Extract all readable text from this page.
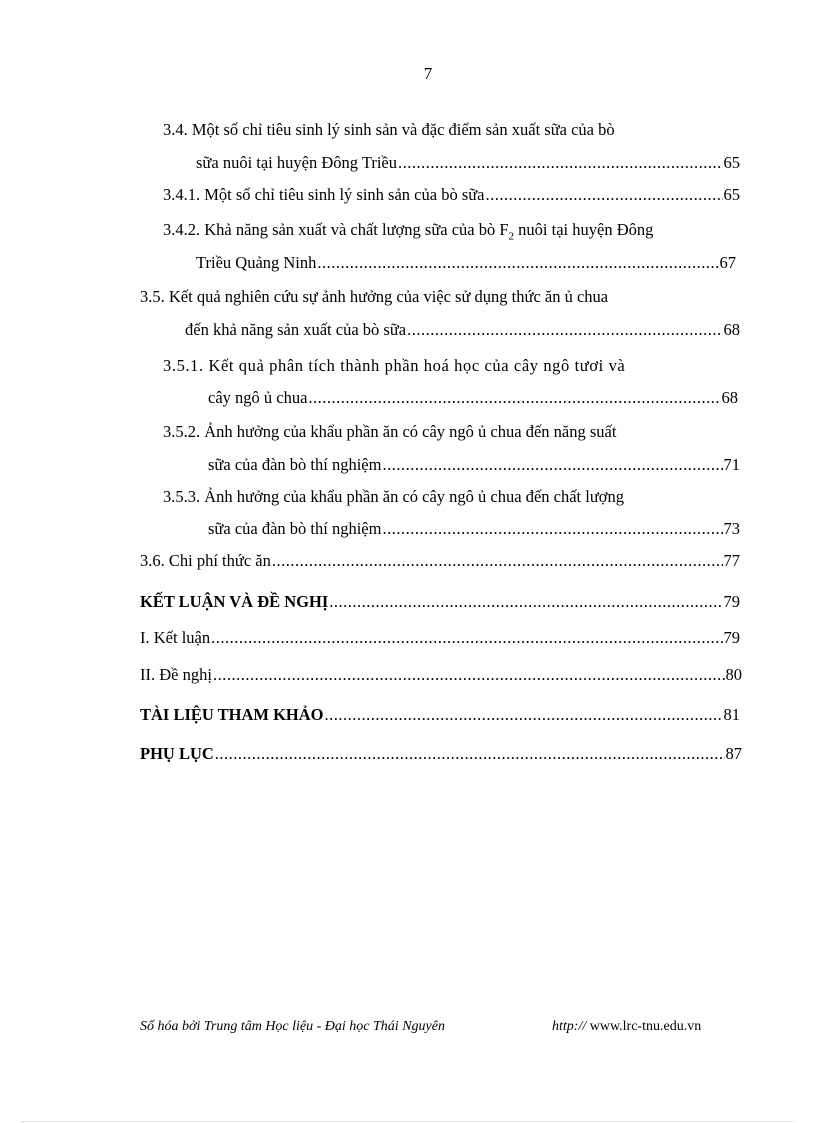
7
3.4. Một số chỉ tiêu sinh lý sinh sản và đặc điểm sản xuất sữa của bò
sữa nuôi tại huyện Đông Triều .....	65
3.4.1. Một số chỉ tiêu sinh lý sinh sản của bò sữa .....	65
3.4.2. Khả năng sản xuất và chất lượng sữa của bò $F_2$ nuôi tại huyện Đông
Triều Quảng Ninh .....	67
3.5. Kết quả nghiên cứu sự ảnh hưởng của việc sử dụng thức ăn ủ chua
đến khả năng sản xuất của bò sữa .....	68
3.5.1. Kết quả phân tích thành phần hoá học của cây ngô tươi và
cây ngô ủ chua .....	68
3.5.2. Ảnh hưởng của khẩu phần ăn có cây ngô ủ chua đến năng suất
sữa của đàn bò thí nghiệm .....	71
3.5.3. Ảnh hưởng của khẩu phần ăn có cây ngô ủ chua đến chất lượng
sữa của đàn bò thí nghiệm .....	73
3.6. Chi phí thức ăn .....	77
KẾT LUẬN VÀ ĐỀ NGHỊ .....	79
I. Kết luận .....	79
II. Đề nghị .....	80
TÀI LIỆU THAM KHẢO .....	81
PHỤ LỤC .....	87
Số hóa bởi Trung tâm Học liệu - Đại học Thái Nguyên	http:// www.lrc-tnu.edu.vn
